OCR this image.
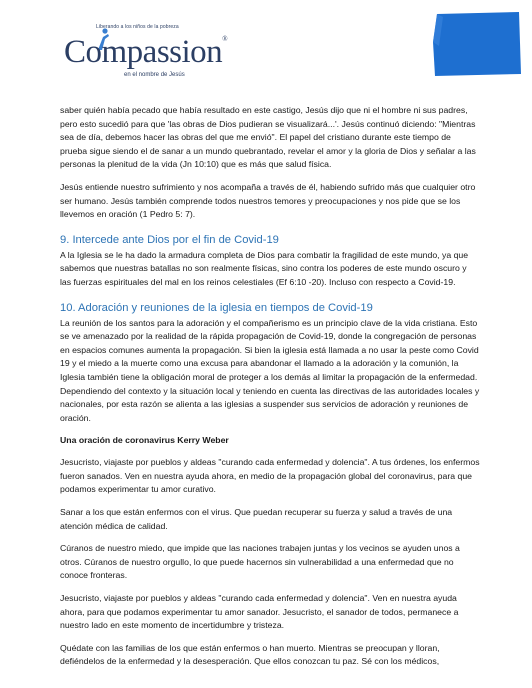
Liberando a los niños de la pobreza
Compassion®
en el nombre de Jesús

saber quién había pecado que había resultado en este castigo, Jesús dijo que ni el hombre ni sus padres, pero esto sucedió para que 'las obras de Dios pudieran se visualizará...'. Jesús continuó diciendo: "Mientras sea de día, debemos hacer las obras del que me envió". El papel del cristiano durante este tiempo de prueba sigue siendo el de sanar a un mundo quebrantado, revelar el amor y la gloria de Dios y señalar a las personas la plenitud de la vida (Jn 10:10) que es más que salud física.

Jesús entiende nuestro sufrimiento y nos acompaña a través de él, habiendo sufrido más que cualquier otro ser humano. Jesús también comprende todos nuestros temores y preocupaciones y nos pide que se los llevemos en oración (1 Pedro 5: 7).

9. Intercede ante Dios por el fin de Covid-19

A la Iglesia se le ha dado la armadura completa de Dios para combatir la fragilidad de este mundo, ya que sabemos que nuestras batallas no son realmente físicas, sino contra los poderes de este mundo oscuro y las fuerzas espirituales del mal en los reinos celestiales (Ef 6:10 -20). Incluso con respecto a Covid-19.

10. Adoración y reuniones de la iglesia en tiempos de Covid-19

La reunión de los santos para la adoración y el compañerismo es un principio clave de la vida cristiana. Esto se ve amenazado por la realidad de la rápida propagación de Covid-19, donde la congregación de personas en espacios comunes aumenta la propagación. Si bien la iglesia está llamada a no usar la peste como Covid 19 y el miedo a la muerte como una excusa para abandonar el llamado a la adoración y la comunión, la Iglesia también tiene la obligación moral de proteger a los demás al limitar la propagación de la enfermedad. Dependiendo del contexto y la situación local y teniendo en cuenta las directivas de las autoridades locales y nacionales, por esta razón se alienta a las iglesias a suspender sus servicios de adoración y reuniones de oración.

Una oración de coronavirus Kerry Weber

Jesucristo, viajaste por pueblos y aldeas "curando cada enfermedad y dolencia". A tus órdenes, los enfermos fueron sanados. Ven en nuestra ayuda ahora, en medio de la propagación global del coronavirus, para que podamos experimentar tu amor curativo.

Sanar a los que están enfermos con el virus. Que puedan recuperar su fuerza y salud a través de una atención médica de calidad.

Cúranos de nuestro miedo, que impide que las naciones trabajen juntas y los vecinos se ayuden unos a otros. Cúranos de nuestro orgullo, lo que puede hacernos sin vulnerabilidad a una enfermedad que no conoce fronteras.

Jesucristo, viajaste por pueblos y aldeas "curando cada enfermedad y dolencia". Ven en nuestra ayuda ahora, para que podamos experimentar tu amor sanador. Jesucristo, el sanador de todos, permanece a nuestro lado en este momento de incertidumbre y tristeza.

Quédate con las familias de los que están enfermos o han muerto. Mientras se preocupan y lloran, defiéndelos de la enfermedad y la desesperación. Que ellos conozcan tu paz. Sé con los médicos,
